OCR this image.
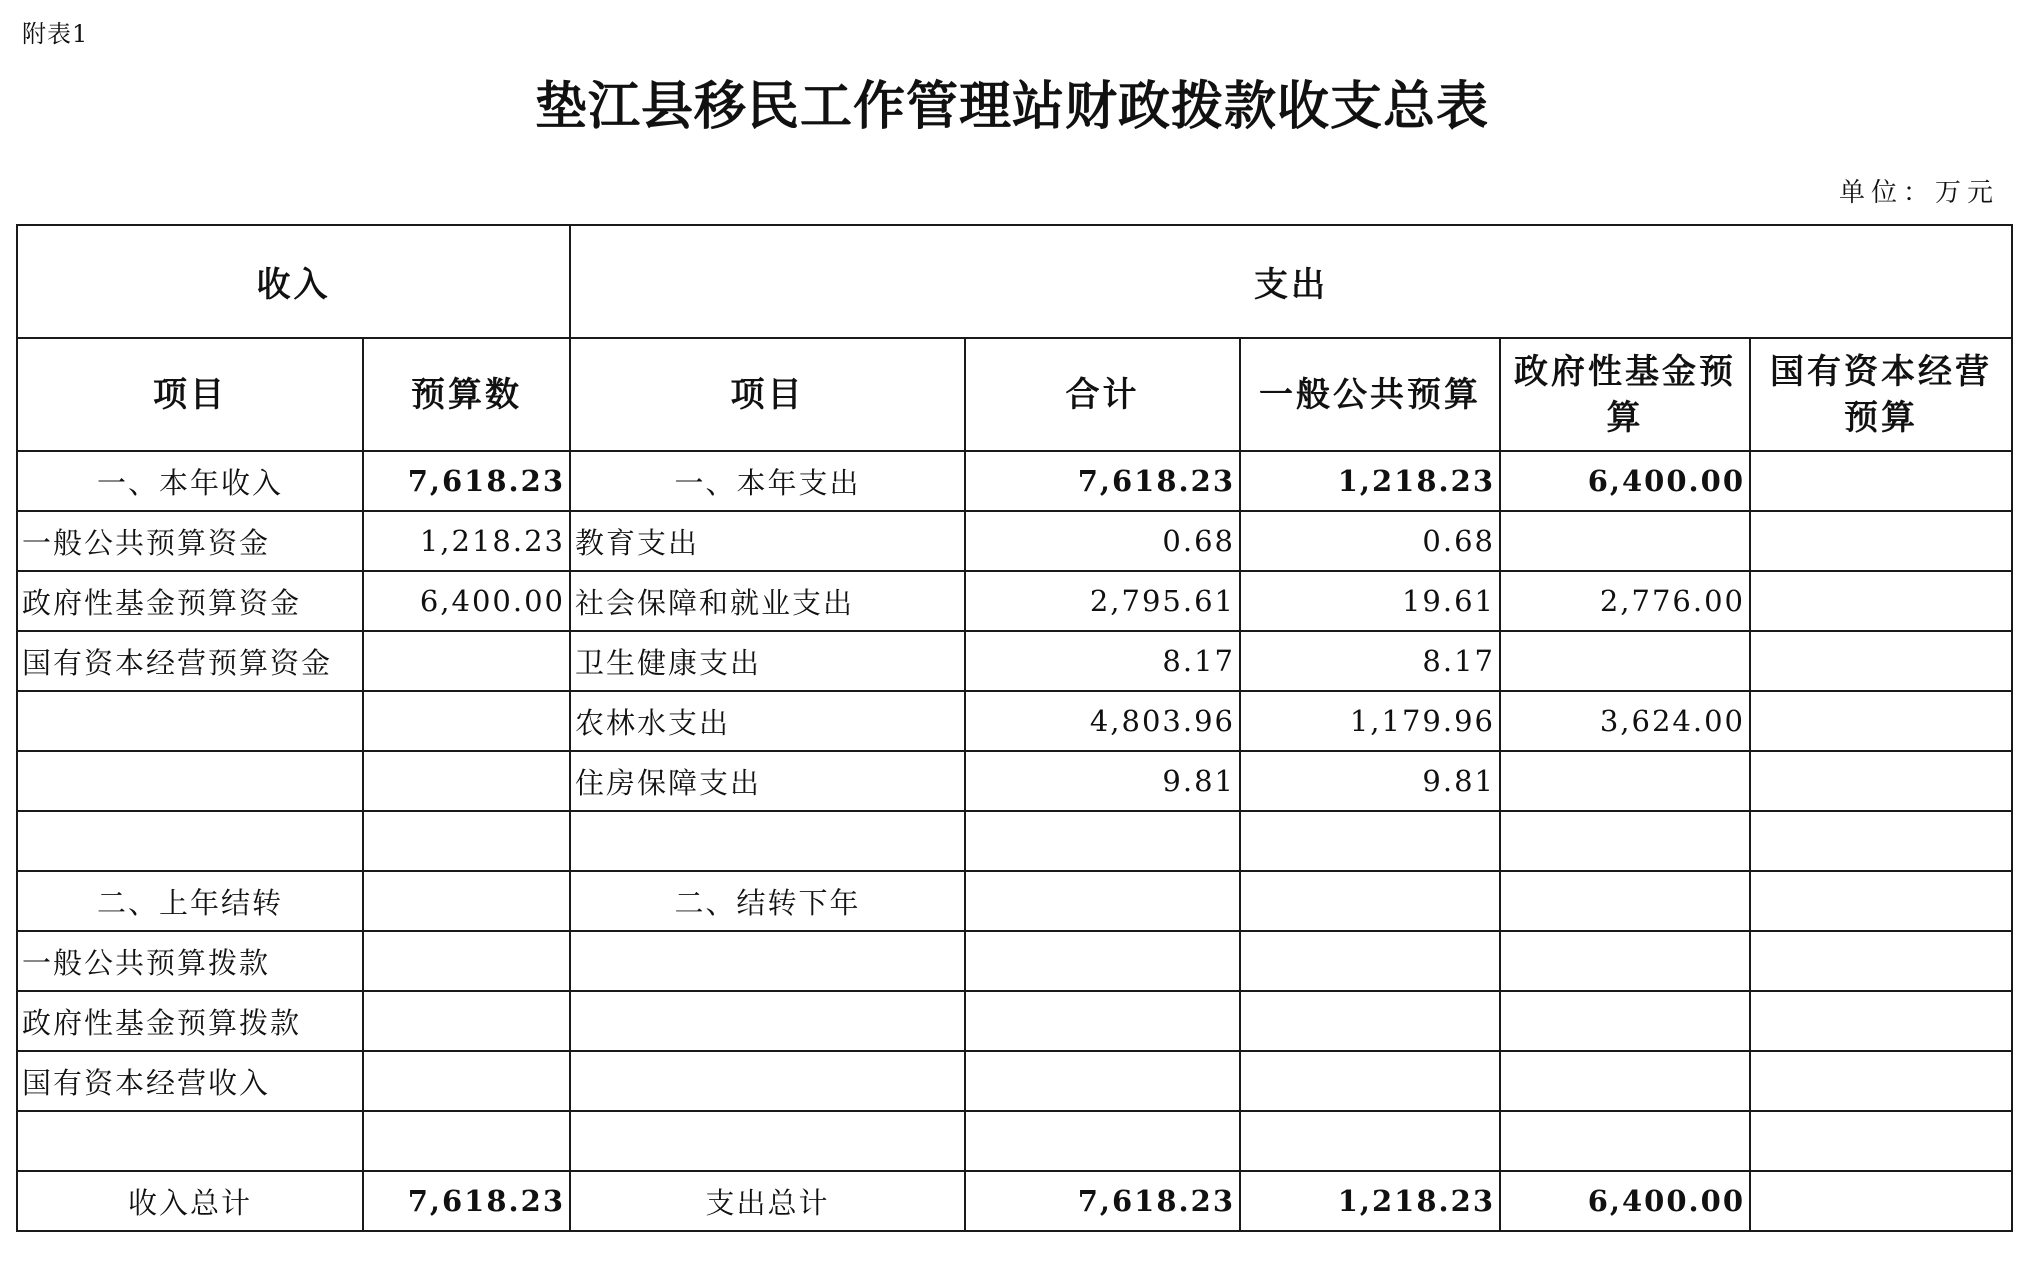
附表1
垫江县移民工作管理站财政拨款收支总表
单位：万元
收入		支出				
项目	预算数	项目	合计	一般公共预算	政府性基金预算	国有资本经营预算
一、本年收入	7,618.23	一、本年支出	7,618.23	1,218.23	6,400.00	
一般公共预算资金	1,218.23	教育支出	0.68	0.68		
政府性基金预算资金	6,400.00	社会保障和就业支出	2,795.61	19.61	2,776.00	
国有资本经营预算资金		卫生健康支出	8.17	8.17		
		农林水支出	4,803.96	1,179.96	3,624.00	
		住房保障支出	9.81	9.81		

二、上年结转		二、结转下年				
一般公共预算拨款						
政府性基金预算拨款						
国有资本经营收入						

收入总计	7,618.23	支出总计	7,618.23	1,218.23	6,400.00	
